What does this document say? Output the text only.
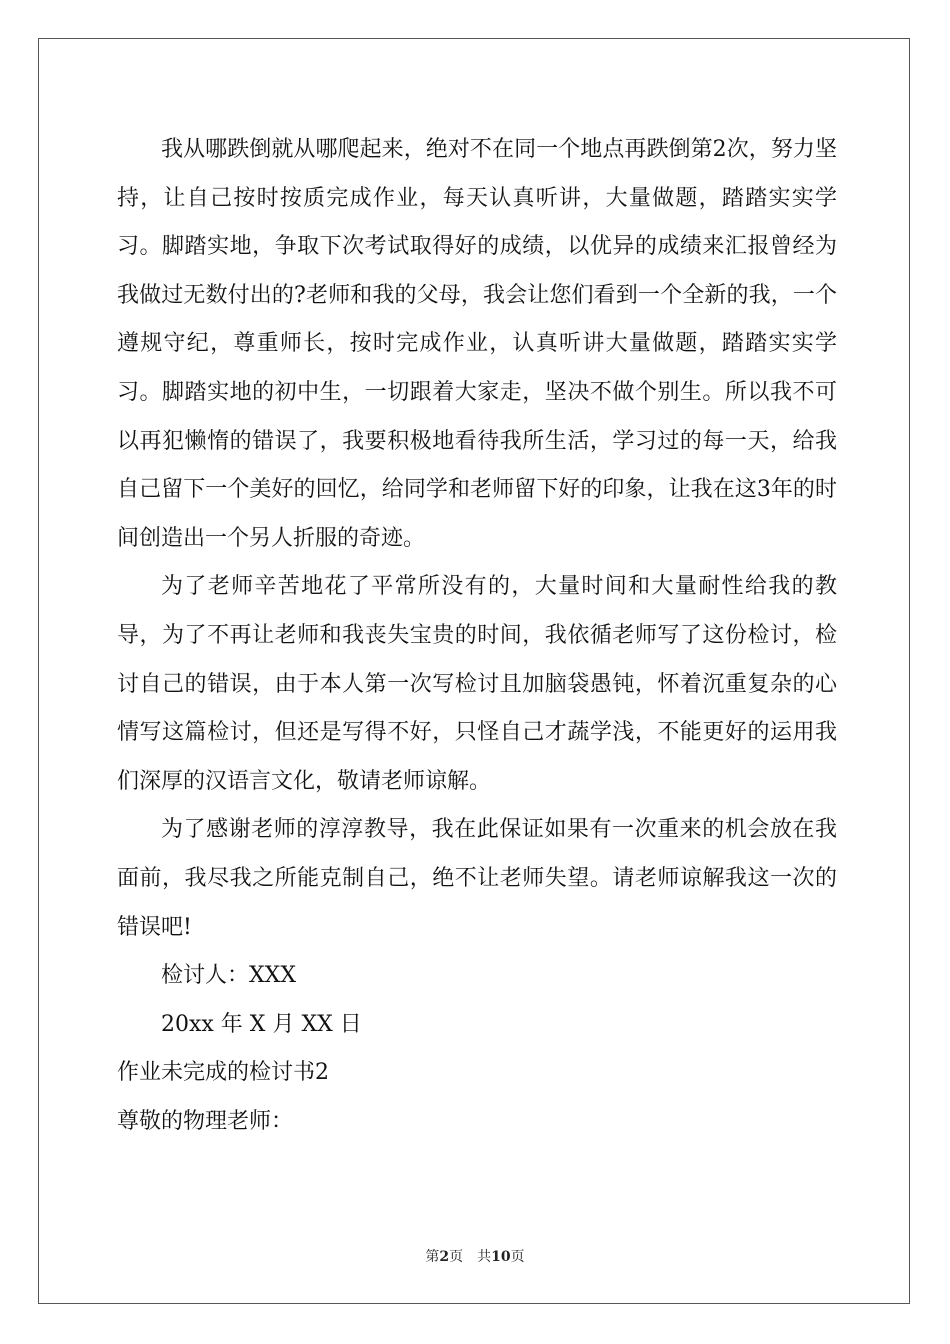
我从哪跌倒就从哪爬起来，绝对不在同一个地点再跌倒第2次，努力坚持，让自己按时按质完成作业，每天认真听讲，大量做题，踏踏实实学习。脚踏实地，争取下次考试取得好的成绩，以优异的成绩来汇报曾经为我做过无数付出的?老师和我的父母，我会让您们看到一个全新的我，一个遵规守纪，尊重师长，按时完成作业，认真听讲大量做题，踏踏实实学习。脚踏实地的初中生，一切跟着大家走，坚决不做个别生。所以我不可以再犯懒惰的错误了，我要积极地看待我所生活，学习过的每一天，给我自己留下一个美好的回忆，给同学和老师留下好的印象，让我在这3年的时间创造出一个另人折服的奇迹。

为了老师辛苦地花了平常所没有的，大量时间和大量耐性给我的教导，为了不再让老师和我丧失宝贵的时间，我依循老师写了这份检讨，检讨自己的错误，由于本人第一次写检讨且加脑袋愚钝，怀着沉重复杂的心情写这篇检讨，但还是写得不好，只怪自己才蔬学浅，不能更好的运用我们深厚的汉语言文化，敬请老师谅解。

为了感谢老师的淳淳教导，我在此保证如果有一次重来的机会放在我面前，我尽我之所能克制自己，绝不让老师失望。请老师谅解我这一次的错误吧!

检讨人：XXX

20xx 年 X 月 XX 日

作业未完成的检讨书2

尊敬的物理老师：

第2页　共10页
